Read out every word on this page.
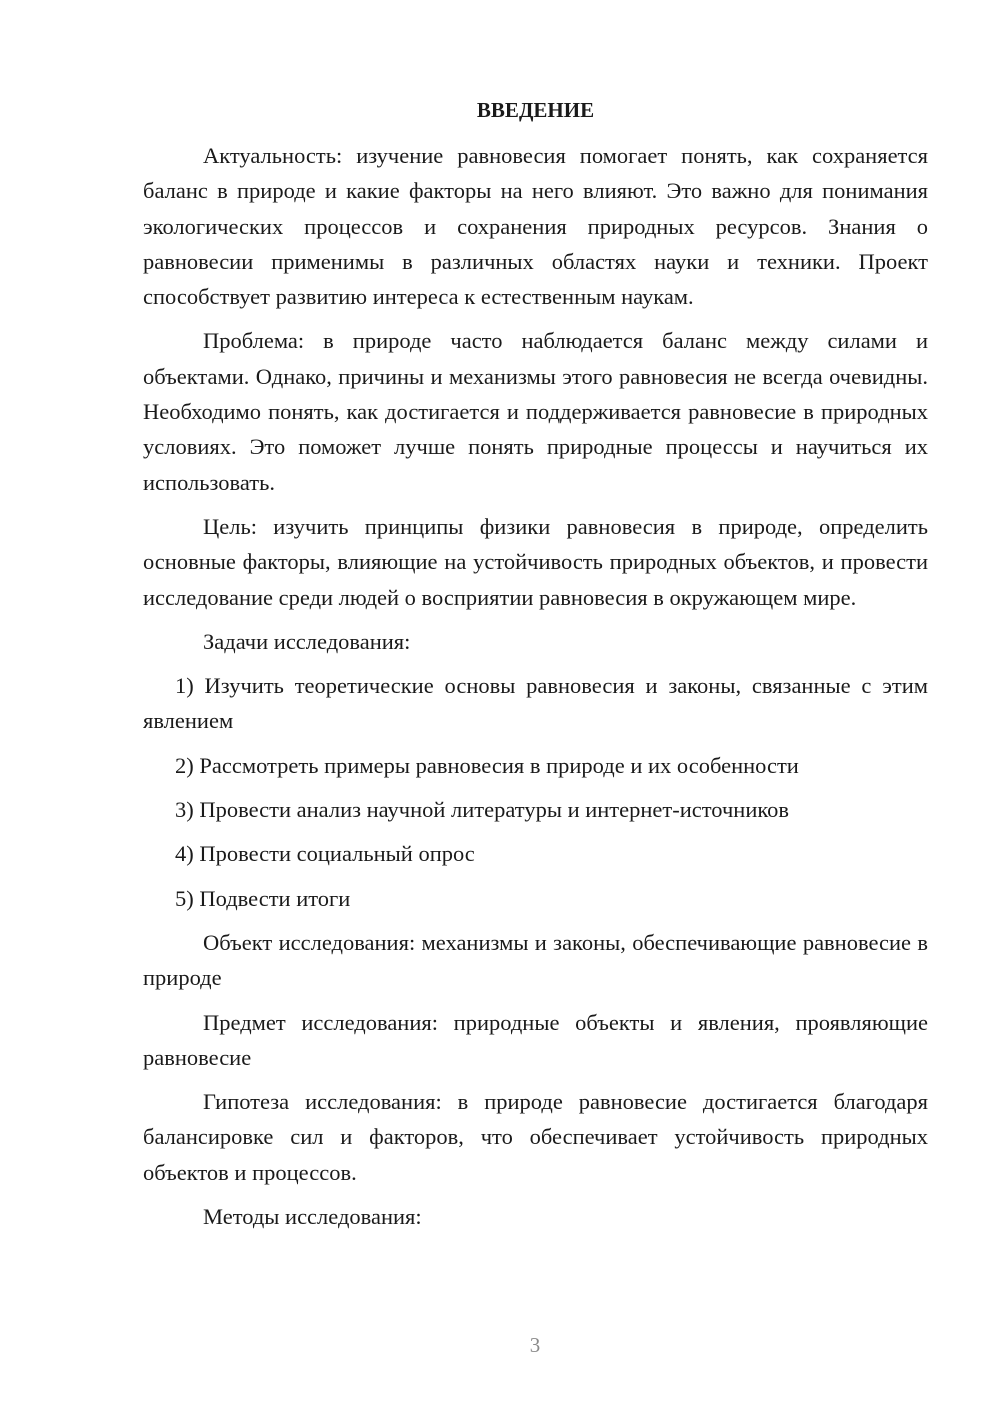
ВВЕДЕНИЕ

Актуальность: изучение равновесия помогает понять, как сохраняется баланс в природе и какие факторы на него влияют. Это важно для понимания экологических процессов и сохранения природных ресурсов. Знания о равновесии применимы в различных областях науки и техники. Проект способствует развитию интереса к естественным наукам.

Проблема: в природе часто наблюдается баланс между силами и объектами. Однако, причины и механизмы этого равновесия не всегда очевидны. Необходимо понять, как достигается и поддерживается равновесие в природных условиях. Это поможет лучше понять природные процессы и научиться их использовать.

Цель: изучить принципы физики равновесия в природе, определить основные факторы, влияющие на устойчивость природных объектов, и провести исследование среди людей о восприятии равновесия в окружающем мире.

Задачи исследования:

1) Изучить теоретические основы равновесия и законы, связанные с этим явлением

2) Рассмотреть примеры равновесия в природе и их особенности

3) Провести анализ научной литературы и интернет-источников

4) Провести социальный опрос

5) Подвести итоги

Объект исследования: механизмы и законы, обеспечивающие равновесие в природе

Предмет исследования: природные объекты и явления, проявляющие равновесие

Гипотеза исследования: в природе равновесие достигается благодаря балансировке сил и факторов, что обеспечивает устойчивость природных объектов и процессов.

Методы исследования:

3
